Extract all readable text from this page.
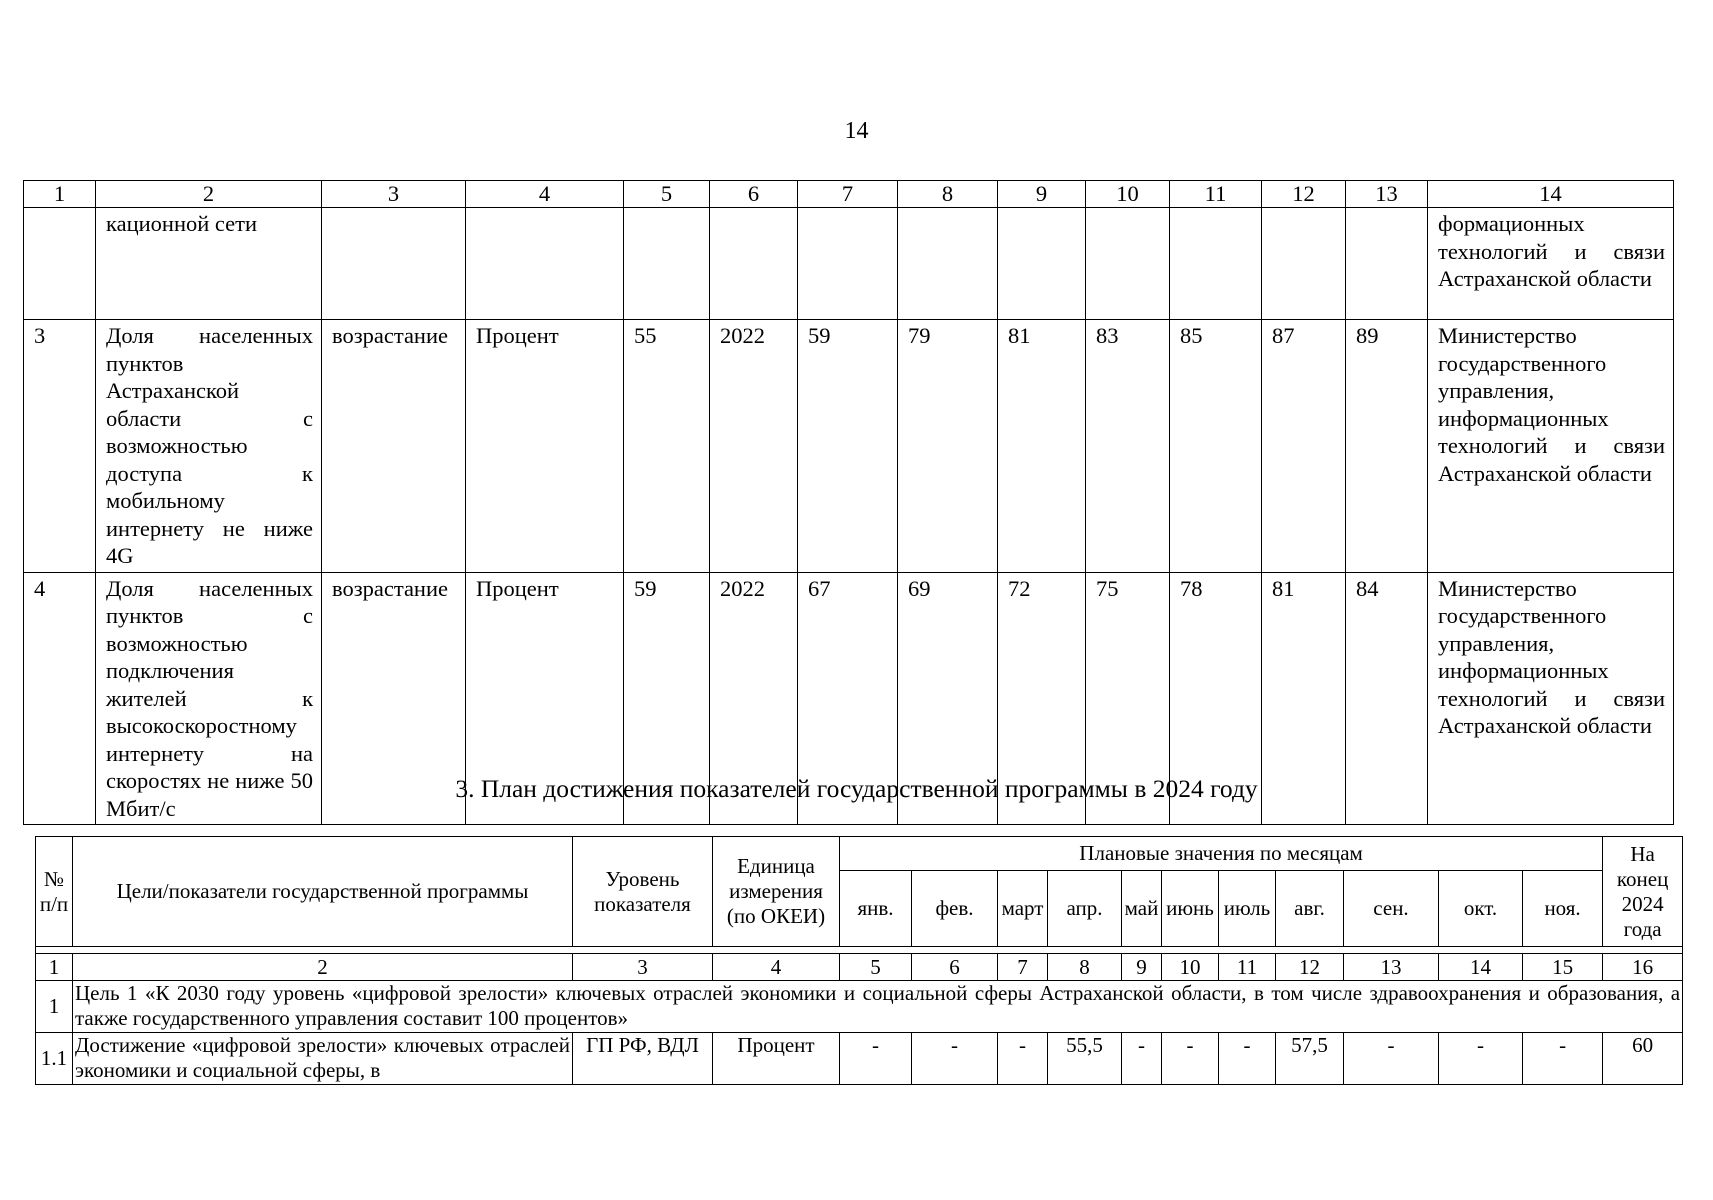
14
1	2	3	4	5	6	7	8	9	10	11	12	13	14
	кационной сети												формационных технологий и связи Астраханской области
3	Доля населенных пунктов Астраханской области с возможностью доступа к мобильному интернету не ниже 4G	возрастание	Процент	55	2022	59	79	81	83	85	87	89	Министерство государственного управления, информационных технологий и связи Астраханской области
4	Доля населенных пунктов с возможностью подключения жителей к высокоскоростному интернету на скоростях не ниже 50 Мбит/с	возрастание	Процент	59	2022	67	69	72	75	78	81	84	Министерство государственного управления, информационных технологий и связи Астраханской области
3. План достижения показателей государственной программы в 2024 году
№ п/п	Цели/показатели государственной программы	Уровень показателя	Единица измерения (по ОКЕИ)	Плановые значения по месяцам											На конец 2024 года
				янв.	фев.	март	апр.	май	июнь	июль	авг.	сен.	окт.	ноя.	

1	2	3	4	5	6	7	8	9	10	11	12	13	14	15	16
1	Цель 1 «К 2030 году уровень «цифровой зрелости» ключевых отраслей экономики и социальной сферы Астраханской области, в том числе здравоохранения и образования, а также государственного управления составит 100 процентов»														
1.1	Достижение «цифровой зрелости» ключевых отраслей экономики и социальной сферы, в	ГП РФ, ВДЛ	Процент	-	-	-	55,5	-	-	-	57,5	-	-	-	60
